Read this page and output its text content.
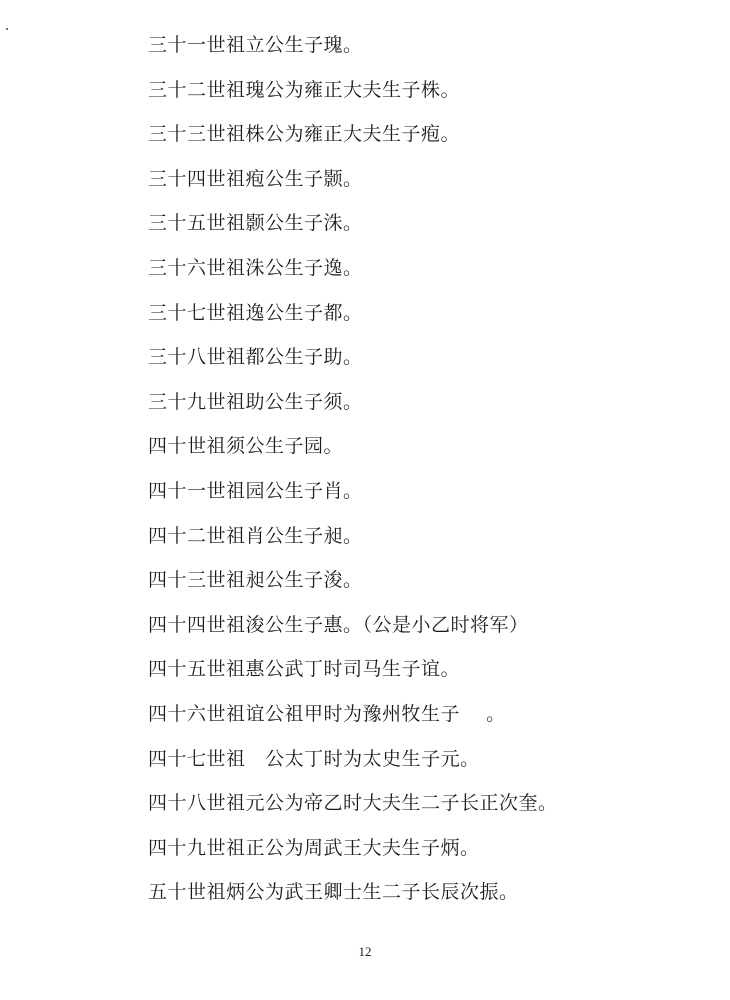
三十一世祖立公生子瑰。
三十二世祖瑰公为雍正大夫生子株。
三十三世祖株公为雍正大夫生子疱。
三十四世祖疱公生子颢。
三十五世祖颢公生子洙。
三十六世祖洙公生子逸。
三十七世祖逸公生子都。
三十八世祖都公生子助。
三十九世祖助公生子须。
四十世祖须公生子园。
四十一世祖园公生子肖。
四十二世祖肖公生子昶。
四十三世祖昶公生子浚。
四十四世祖浚公生子惠。（公是小乙时将军）
四十五世祖惠公武丁时司马生子谊。
四十六世祖谊公祖甲时为豫州牧生子    。
四十七世祖   公太丁时为太史生子元。
四十八世祖元公为帝乙时大夫生二子长正次奎。
四十九世祖正公为周武王大夫生子炳。
五十世祖炳公为武王卿士生二子长辰次振。
12
